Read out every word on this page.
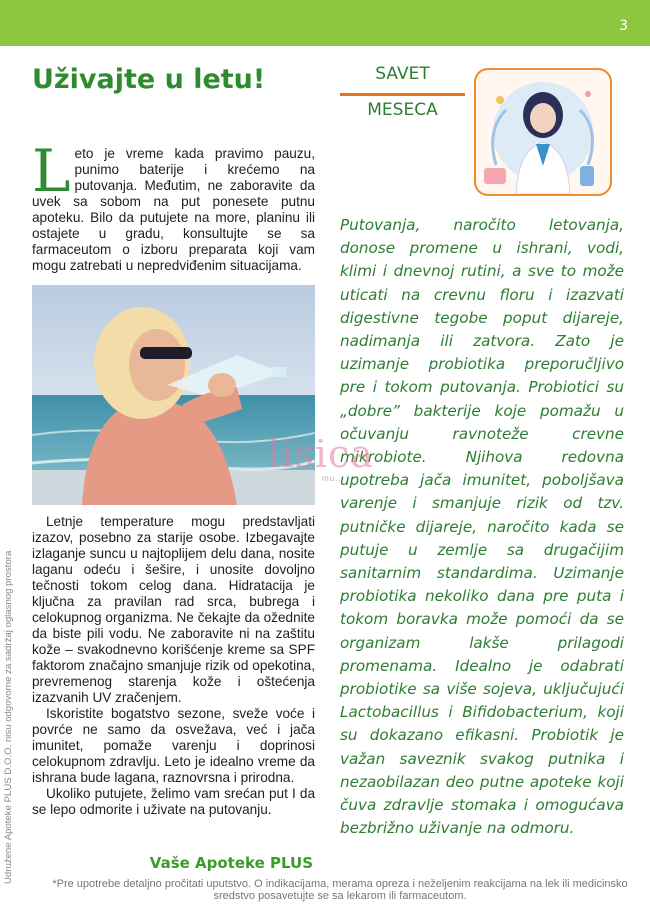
3
Uživajte u letu!
L eto je vreme kada pravimo pauzu, punimo baterije i krećemo na putovanja. Međutim, ne zaboravite da uvek sa sobom na put ponesete putnu apoteku. Bilo da putujete na more, planinu ili ostajete u gradu, konsultujte se sa farmaceutom o izboru preparata koji vam mogu zatrebati u nepredviđenim situacijama.

Letnje temperature mogu predstavljati izazov, posebno za starije osobe. Izbegavajte izlaganje suncu u najtoplijem delu dana, nosite laganu odeću i šešire, i unosite dovoljno tečnosti tokom celog dana. Hidratacija je ključna za pravilan rad srca, bubrega i celokupnog organizma. Ne čekajte da ožednite da biste pili vodu. Ne zaboravite ni na zaštitu kože – svakodnevno korišćenje kreme sa SPF faktorom značajno smanjuje rizik od opekotina, prevremenog starenja kože i oštećenja izazvanih UV zračenjem.

Iskoristite bogatstvo sezone, sveže voće i povrće ne samo da osvežava, već i jača imunitet, pomaže varenju i doprinosi celokupnom zdravlju. Leto je idealno vreme da ishrana bude lagana, raznovrsna i prirodna.

Ukoliko putujete, želimo vam srećan put I da se lepo odmorite i uživate na putovanju.

Vaše Apoteke PLUS
Udružene Apoteke PLUS D.O.O. nisu odgovorne za sadržaj oglasnog prostora
SAVET
MESECA

Putovanja, naročito letovanja, donose promene u ishrani, vodi, klimi i dnevnoj rutini, a sve to može uticati na crevnu floru i izazvati digestivne tegobe poput dijareje, nadimanja ili zatvora. Zato je uzimanje probiotika preporučljivo pre i tokom putovanja. Probiotici su „dobre” bakterije koje pomažu u očuvanju ravnoteže crevne mikrobiote. Njihova redovna upotreba jača imunitet, poboljšava varenje i smanjuje rizik od tzv. putničke dijareje, naročito kada se putuje u zemlje sa drugačijim sanitarnim standardima. Uzimanje probiotika nekoliko dana pre puta i tokom boravka može pomoći da se organizam lakše prilagodi promenama. Idealno je odabrati probiotike sa više sojeva, uključujući Lactobacillus i Bifidobacterium, koji su dokazano efikasni. Probiotik je važan saveznik svakog putnika i nezaobilazan deo putne apoteke koji čuva zdravlje stomaka i omogućava bezbrižno uživanje na odmoru.

lisica
mu...
*Pre upotrebe detaljno pročitati uputstvo. O indikacijama, merama opreza i neželjenim reakcijama na lek ili medicinsko sredstvo posavetujte se sa lekarom ili farmaceutom.
